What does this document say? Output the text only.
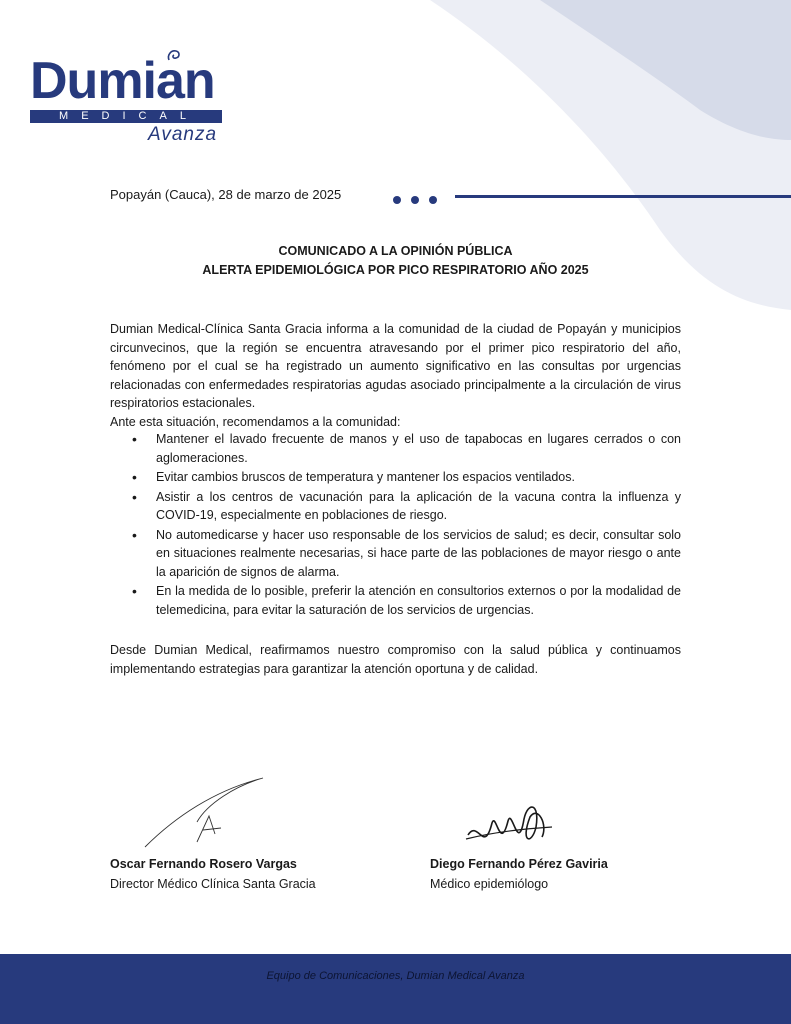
Dumian
MEDICAL
Avanza
Popayán (Cauca), 28 de marzo de 2025
COMUNICADO A LA OPINIÓN PÚBLICA
ALERTA EPIDEMIOLÓGICA POR PICO RESPIRATORIO AÑO 2025

Dumian Medical-Clínica Santa Gracia informa a la comunidad de la ciudad de Popayán y municipios circunvecinos, que la región se encuentra atravesando por el primer pico respiratorio del año, fenómeno por el cual se ha registrado un aumento significativo en las consultas por urgencias relacionadas con enfermedades respiratorias agudas asociado principalmente a la circulación de virus respiratorios estacionales.

Ante esta situación, recomendamos a la comunidad:

• Mantener el lavado frecuente de manos y el uso de tapabocas en lugares cerrados o con aglomeraciones.
• Evitar cambios bruscos de temperatura y mantener los espacios ventilados.
• Asistir a los centros de vacunación para la aplicación de la vacuna contra la influenza y COVID-19, especialmente en poblaciones de riesgo.
• No automedicarse y hacer uso responsable de los servicios de salud; es decir, consultar solo en situaciones realmente necesarias, si hace parte de las poblaciones de mayor riesgo o ante la aparición de signos de alarma.
• En la medida de lo posible, preferir la atención en consultorios externos o por la modalidad de telemedicina, para evitar la saturación de los servicios de urgencias.

Desde Dumian Medical, reafirmamos nuestro compromiso con la salud pública y continuamos implementando estrategias para garantizar la atención oportuna y de calidad.

Oscar Fernando Rosero Vargas
Director Médico Clínica Santa Gracia
Diego Fernando Pérez Gaviria
Médico epidemiólogo
Equipo de Comunicaciones, Dumian Medical Avanza
